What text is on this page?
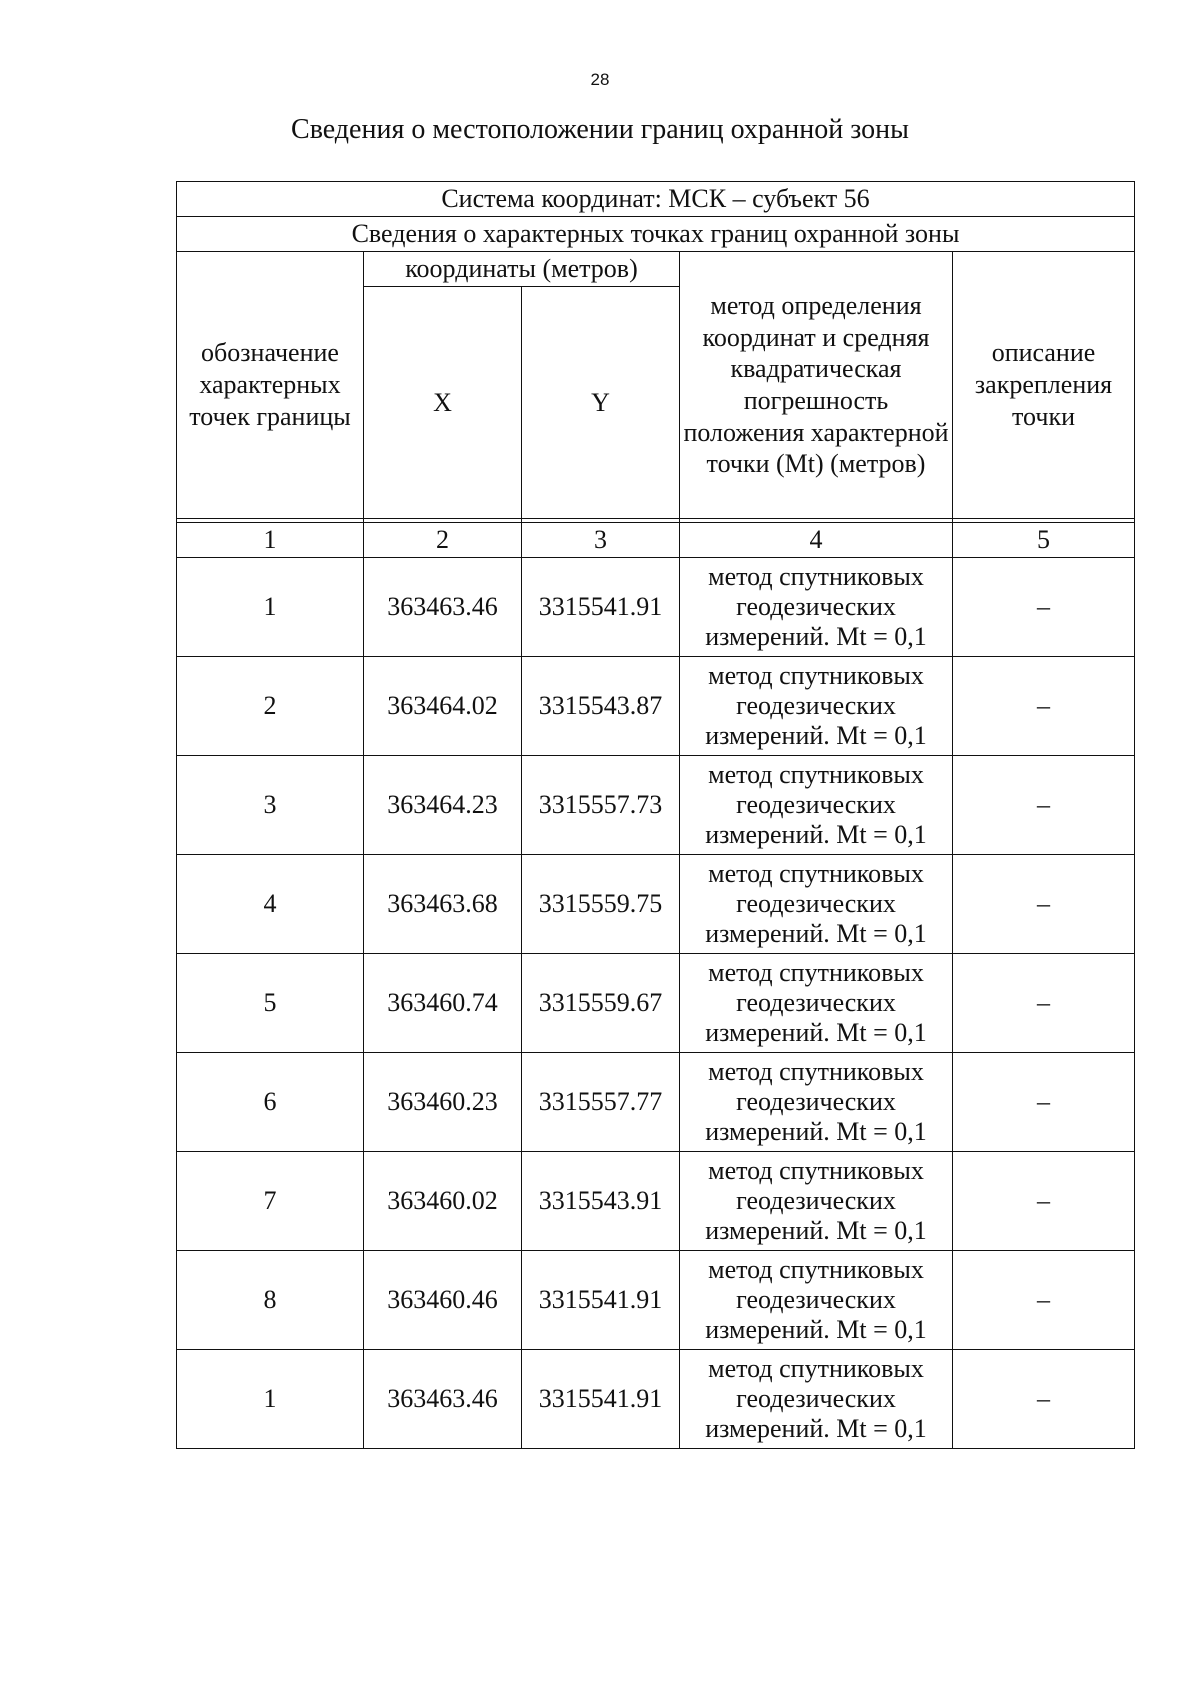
28
Сведения о местоположении границ охранной зоны
Система координат: МСК – субъект 56				
Сведения о характерных точках границ охранной зоны				
обозначение характерных точек границы	координаты (метров)		метод определения координат и средняя квадратическая погрешность положения характерной точки (Mt) (метров)	описание закрепления точки
	X	Y		

1	2	3	4	5
1	363463.46	3315541.91	метод спутниковых геодезических измерений. Mt = 0,1	–
2	363464.02	3315543.87	метод спутниковых геодезических измерений. Mt = 0,1	–
3	363464.23	3315557.73	метод спутниковых геодезических измерений. Mt = 0,1	–
4	363463.68	3315559.75	метод спутниковых геодезических измерений. Mt = 0,1	–
5	363460.74	3315559.67	метод спутниковых геодезических измерений. Mt = 0,1	–
6	363460.23	3315557.77	метод спутниковых геодезических измерений. Mt = 0,1	–
7	363460.02	3315543.91	метод спутниковых геодезических измерений. Mt = 0,1	–
8	363460.46	3315541.91	метод спутниковых геодезических измерений. Mt = 0,1	–
1	363463.46	3315541.91	метод спутниковых геодезических измерений. Mt = 0,1	–
